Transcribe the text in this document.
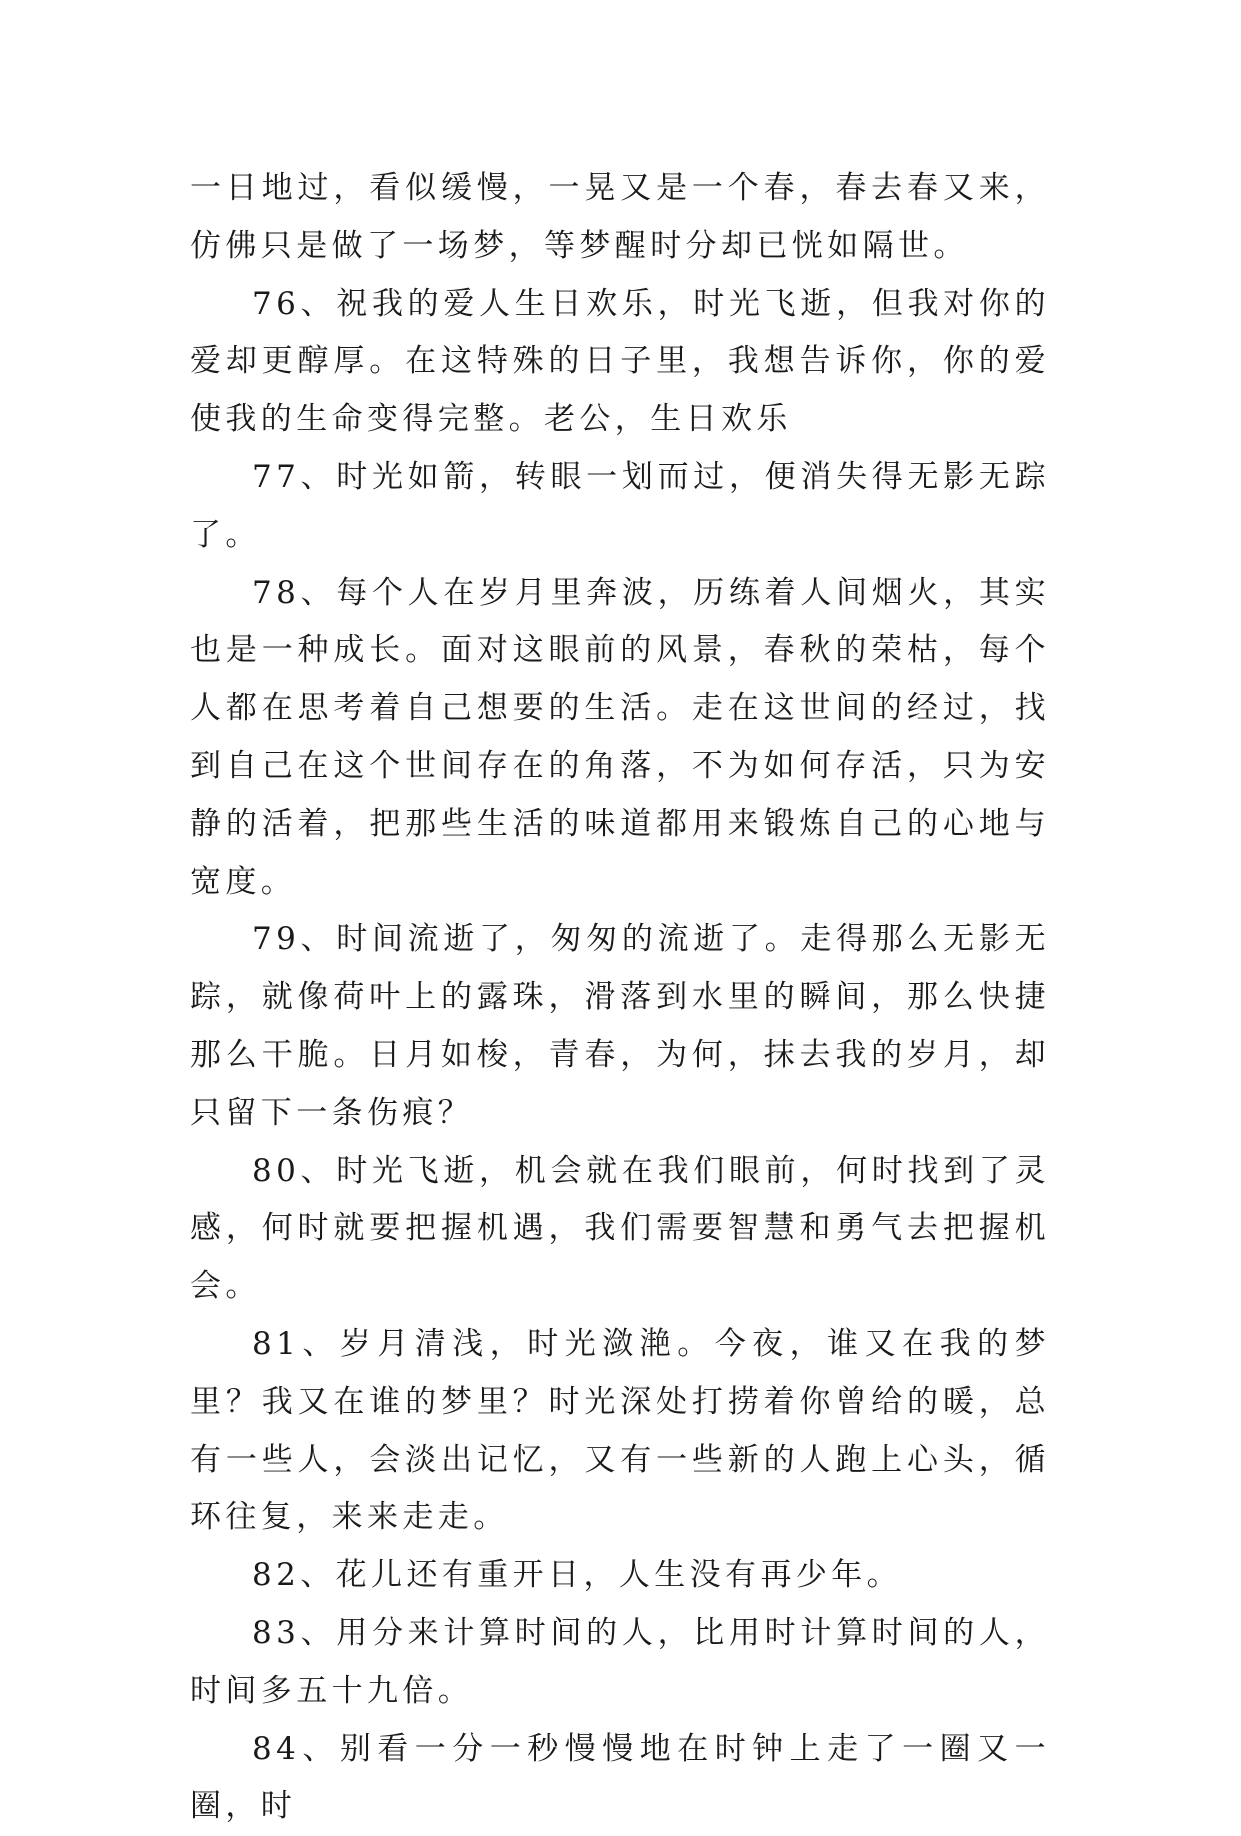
一日地过，看似缓慢，一晃又是一个春，春去春又来，仿佛只是做了一场梦，等梦醒时分却已恍如隔世。

76、祝我的爱人生日欢乐，时光飞逝，但我对你的爱却更醇厚。在这特殊的日子里，我想告诉你，你的爱使我的生命变得完整。老公，生日欢乐

77、时光如箭，转眼一划而过，便消失得无影无踪了。

78、每个人在岁月里奔波，历练着人间烟火，其实也是一种成长。面对这眼前的风景，春秋的荣枯，每个人都在思考着自己想要的生活。走在这世间的经过，找到自己在这个世间存在的角落，不为如何存活，只为安静的活着，把那些生活的味道都用来锻炼自己的心地与宽度。

79、时间流逝了，匆匆的流逝了。走得那么无影无踪，就像荷叶上的露珠，滑落到水里的瞬间，那么快捷那么干脆。日月如梭，青春，为何，抹去我的岁月，却只留下一条伤痕？

80、时光飞逝，机会就在我们眼前，何时找到了灵感，何时就要把握机遇，我们需要智慧和勇气去把握机会。

81、岁月清浅，时光潋滟。今夜，谁又在我的梦里？我又在谁的梦里？时光深处打捞着你曾给的暖，总有一些人，会淡出记忆，又有一些新的人跑上心头，循环往复，来来走走。

82、花儿还有重开日，人生没有再少年。

83、用分来计算时间的人，比用时计算时间的人，时间多五十九倍。

84、别看一分一秒慢慢地在时钟上走了一圈又一圈，时
